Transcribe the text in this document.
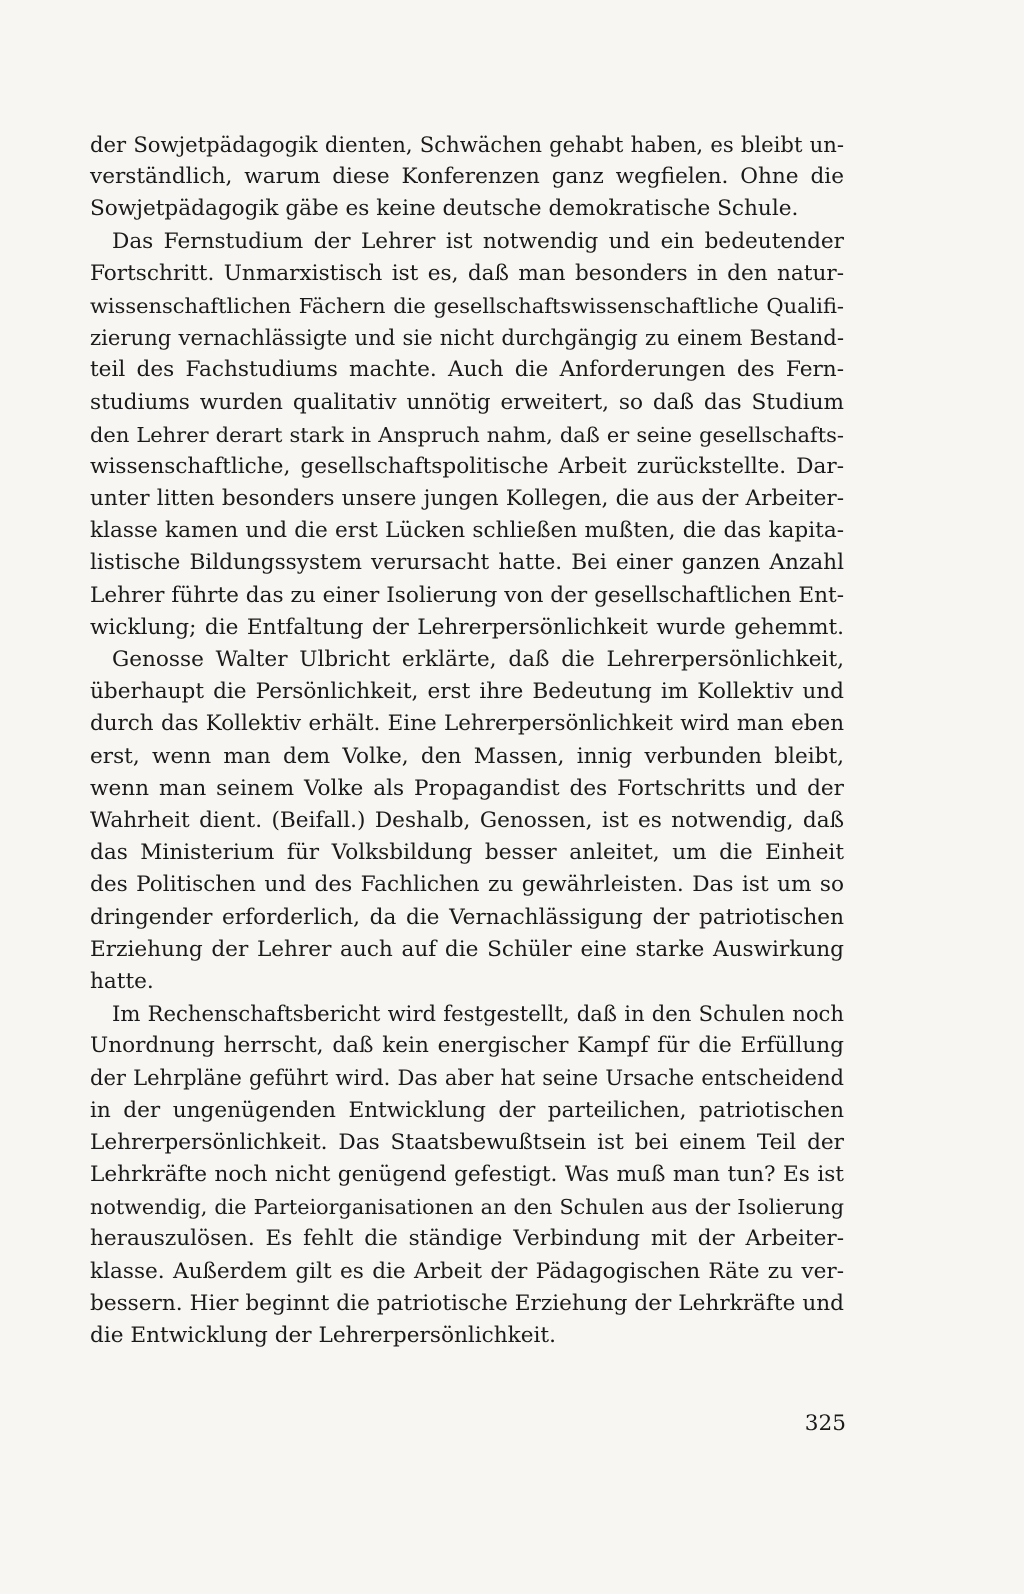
der Sowjetpädagogik dienten, Schwächen gehabt haben, es bleibt un-
verständlich, warum diese Konferenzen ganz wegfielen. Ohne die
Sowjetpädagogik gäbe es keine deutsche demokratische Schule.
Das Fernstudium der Lehrer ist notwendig und ein bedeutender
Fortschritt. Unmarxistisch ist es, daß man besonders in den natur-
wissenschaftlichen Fächern die gesellschaftswissenschaftliche Qualifi-
zierung vernachlässigte und sie nicht durchgängig zu einem Bestand-
teil des Fachstudiums machte. Auch die Anforderungen des Fern-
studiums wurden qualitativ unnötig erweitert, so daß das Studium
den Lehrer derart stark in Anspruch nahm, daß er seine gesellschafts-
wissenschaftliche, gesellschaftspolitische Arbeit zurückstellte. Dar-
unter litten besonders unsere jungen Kollegen, die aus der Arbeiter-
klasse kamen und die erst Lücken schließen mußten, die das kapita-
listische Bildungssystem verursacht hatte. Bei einer ganzen Anzahl
Lehrer führte das zu einer Isolierung von der gesellschaftlichen Ent-
wicklung; die Entfaltung der Lehrerpersönlichkeit wurde gehemmt.
Genosse Walter Ulbricht erklärte, daß die Lehrerpersönlichkeit,
überhaupt die Persönlichkeit, erst ihre Bedeutung im Kollektiv und
durch das Kollektiv erhält. Eine Lehrerpersönlichkeit wird man eben
erst, wenn man dem Volke, den Massen, innig verbunden bleibt,
wenn man seinem Volke als Propagandist des Fortschritts und der
Wahrheit dient. (Beifall.) Deshalb, Genossen, ist es notwendig, daß
das Ministerium für Volksbildung besser anleitet, um die Einheit
des Politischen und des Fachlichen zu gewährleisten. Das ist um so
dringender erforderlich, da die Vernachlässigung der patriotischen
Erziehung der Lehrer auch auf die Schüler eine starke Auswirkung
hatte.
Im Rechenschaftsbericht wird festgestellt, daß in den Schulen noch
Unordnung herrscht, daß kein energischer Kampf für die Erfüllung
der Lehrpläne geführt wird. Das aber hat seine Ursache entscheidend
in der ungenügenden Entwicklung der parteilichen, patriotischen
Lehrerpersönlichkeit. Das Staatsbewußtsein ist bei einem Teil der
Lehrkräfte noch nicht genügend gefestigt. Was muß man tun? Es ist
notwendig, die Parteiorganisationen an den Schulen aus der Isolierung
herauszulösen. Es fehlt die ständige Verbindung mit der Arbeiter-
klasse. Außerdem gilt es die Arbeit der Pädagogischen Räte zu ver-
bessern. Hier beginnt die patriotische Erziehung der Lehrkräfte und
die Entwicklung der Lehrerpersönlichkeit.
325
